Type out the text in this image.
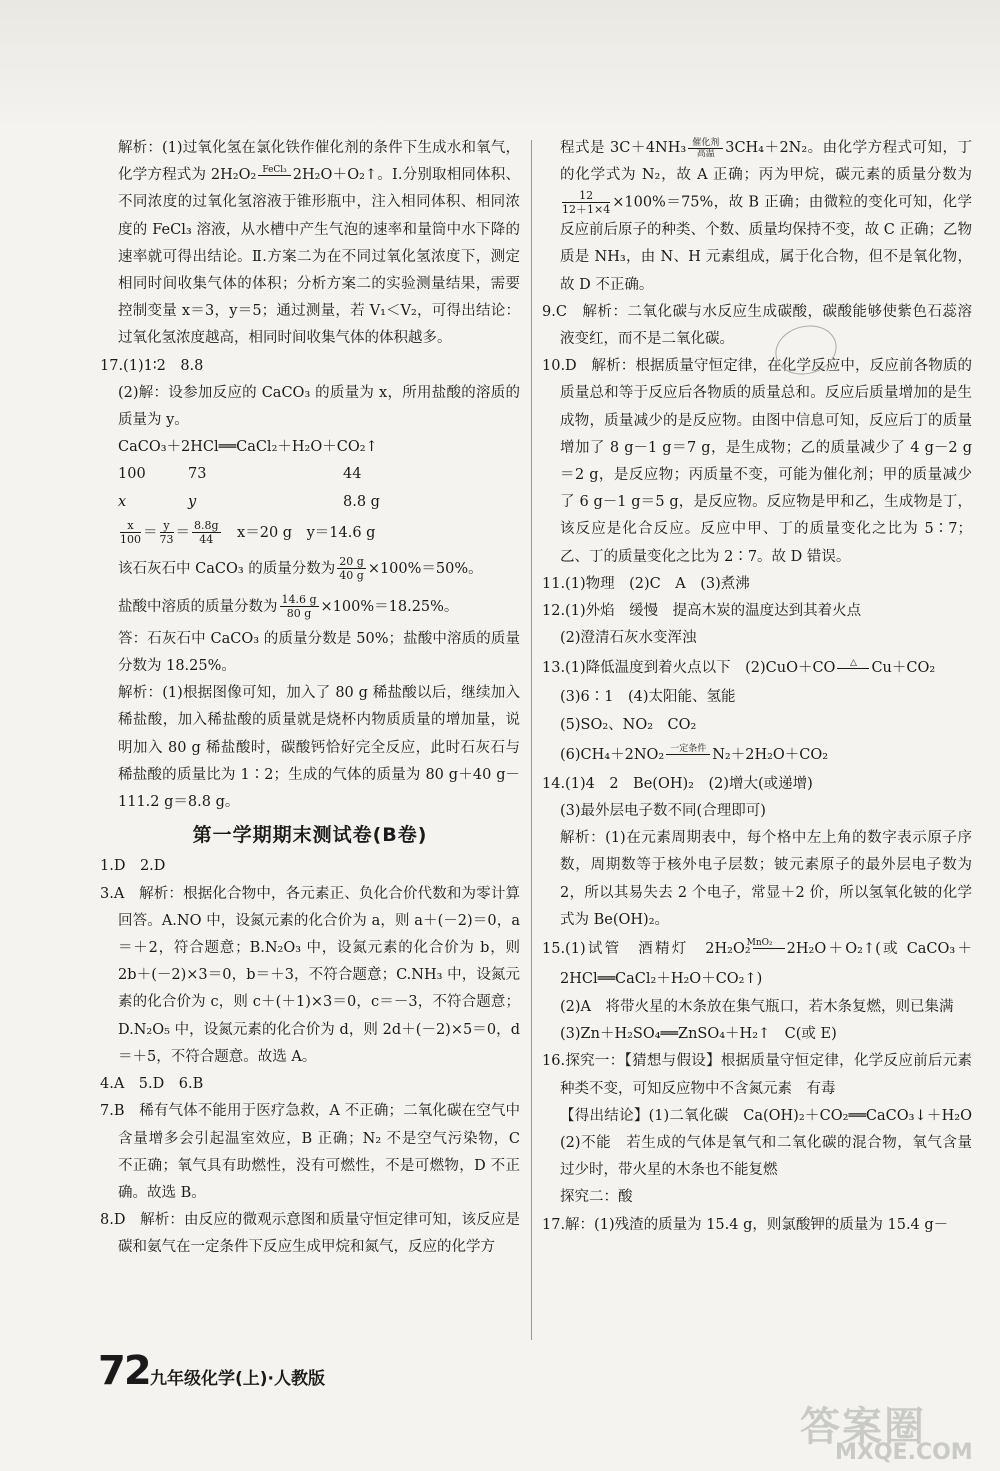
解析：(1)过氧化氢在氯化铁作催化剂的条件下生成水和氧气，化学方程式为 2H₂O₂ FeCl₃ 2H₂O＋O₂↑。Ⅰ.分别取相同体积、不同浓度的过氧化氢溶液于锥形瓶中，注入相同体积、相同浓度的 FeCl₃ 溶液，从水槽中产生气泡的速率和量筒中水下降的速率就可得出结论。Ⅱ.方案二为在不同过氧化氢浓度下，测定相同时间收集气体的体积；分析方案二的实验测量结果，需要控制变量 x＝3，y＝5；通过测量，若 V₁＜V₂，可得出结论：过氧化氢浓度越高，相同时间收集气体的体积越多。

17.(1)1∶2　8.8

(2)解：设参加反应的 CaCO₃ 的质量为 x，所用盐酸的溶质的质量为 y。

CaCO₃＋2HCl══CaCl₂＋H₂O＋CO₂↑

100	73	44
x	y	8.8 g

$\frac{x}{100} = \frac{y}{73} = \frac{8.8g}{44}$
　 x＝20 g　y＝14.6 g

该石灰石中 CaCO₃ 的质量分数为 $\frac{20 g}{40 g} \times 100\%=50\%$。

盐酸中溶质的质量分数为 $\frac{14.6 g}{80 g} \times 100\%=18.25\%$。

答：石灰石中 CaCO₃ 的质量分数是 50%；盐酸中溶质的质量分数为 18.25%。

解析：(1)根据图像可知，加入了 80 g 稀盐酸以后，继续加入稀盐酸，加入稀盐酸的质量就是烧杯内物质质量的增加量，说明加入 80 g 稀盐酸时，碳酸钙恰好完全反应，此时石灰石与稀盐酸的质量比为 1∶2；生成的气体的质量为 80 g＋40 g－111.2 g＝8.8 g。

第一学期期末测试卷(B卷)

1.D　2.D

3.A　解析：根据化合物中，各元素正、负化合价代数和为零计算回答。A.NO 中，设氮元素的化合价为 a，则 a＋(－2)＝0，a＝＋2，符合题意；B.N₂O₃ 中，设氮元素的化合价为 b，则 2b＋(－2)×3＝0，b＝＋3，不符合题意；C.NH₃ 中，设氮元素的化合价为 c，则 c＋(＋1)×3＝0，c＝－3，不符合题意；D.N₂O₅ 中，设氮元素的化合价为 d，则 2d＋(－2)×5＝0，d＝＋5，不符合题意。故选 A。

4.A　5.D　6.B

7.B　稀有气体不能用于医疗急救，A 不正确；二氧化碳在空气中含量增多会引起温室效应，B 正确；N₂ 不是空气污染物，C 不正确；氧气具有助燃性，没有可燃性，不是可燃物，D 不正确。故选 B。

8.D　解析：由反应的微观示意图和质量守恒定律可知，该反应是碳和氨气在一定条件下反应生成甲烷和氮气，反应的化学方

程式是 3C＋4NH₃ 催化剂
高温 3CH₄＋2N₂。由化学方程式可知，丁的化学式为 N₂，故 A 正确；丙为甲烷，碳元素的质量分数为
$\frac{12}{12+1\times 4} \times 100\%=75\%$，故 B 正确；由微粒的变化可知，化学反应前后原子的种类、个数、质量均保持不变，故 C 正确；乙物质是 NH₃，由 N、H 元素组成，属于化合物，但不是氧化物，故 D 不正确。

9.C　解析：二氧化碳与水反应生成碳酸，碳酸能够使紫色石蕊溶液变红，而不是二氧化碳。

10.D　解析：根据质量守恒定律，在化学反应中，反应前各物质的质量总和等于反应后各物质的质量总和。反应后质量增加的是生成物，质量减少的是反应物。由图中信息可知，反应后丁的质量增加了 8 g－1 g＝7 g，是生成物；乙的质量减少了 4 g－2 g＝2 g，是反应物；丙质量不变，可能为催化剂；甲的质量减少了 6 g－1 g＝5 g，是反应物。反应物是甲和乙，生成物是丁，该反应是化合反应。反应中甲、丁的质量变化之比为 5∶7；乙、丁的质量变化之比为 2∶7。故 D 错误。

11.(1)物理　(2)C　A　(3)煮沸

12.(1)外焰　缓慢　提高木炭的温度达到其着火点

(2)澄清石灰水变浑浊

13.(1)降低温度到着火点以下　(2)CuO＋CO	△	Cu＋CO₂

(3)6∶1　(4)太阳能、氢能

(5)SO₂、NO₂　CO₂

(6)CH₄＋2NO₂ 一定条件 N₂＋2H₂O＋CO₂

14.(1)4　2　Be(OH)₂　(2)增大(或递增)

(3)最外层电子数不同(合理即可)

解析：(1)在元素周期表中，每个格中左上角的数字表示原子序数，周期数等于核外电子层数；铍元素原子的最外层电子数为 2，所以其易失去 2 个电子，常显＋2 价，所以氢氧化铍的化学式为 Be(OH)₂。

15.(1)试管　酒精灯　2H₂O₂
MnO₂ 2H₂O＋O₂↑(或 CaCO₃＋2HCl══CaCl₂＋H₂O＋CO₂↑)

(2)A　将带火星的木条放在集气瓶口，若木条复燃，则已集满

(3)Zn＋H₂SO₄══ZnSO₄＋H₂↑　C(或 E)

16.探究一：【猜想与假设】根据质量守恒定律，化学反应前后元素种类不变，可知反应物中不含氮元素　有毒

【得出结论】(1)二氧化碳　Ca(OH)₂＋CO₂══CaCO₃↓＋H₂O　(2)不能　若生成的气体是氧气和二氧化碳的混合物，氧气含量过少时，带火星的木条也不能复燃

探究二：酸

17.解：(1)残渣的质量为 15.4 g，则氯酸钾的质量为 15.4 g－

72 九年级化学(上)·人教版
答案圈
MXQE.COM
